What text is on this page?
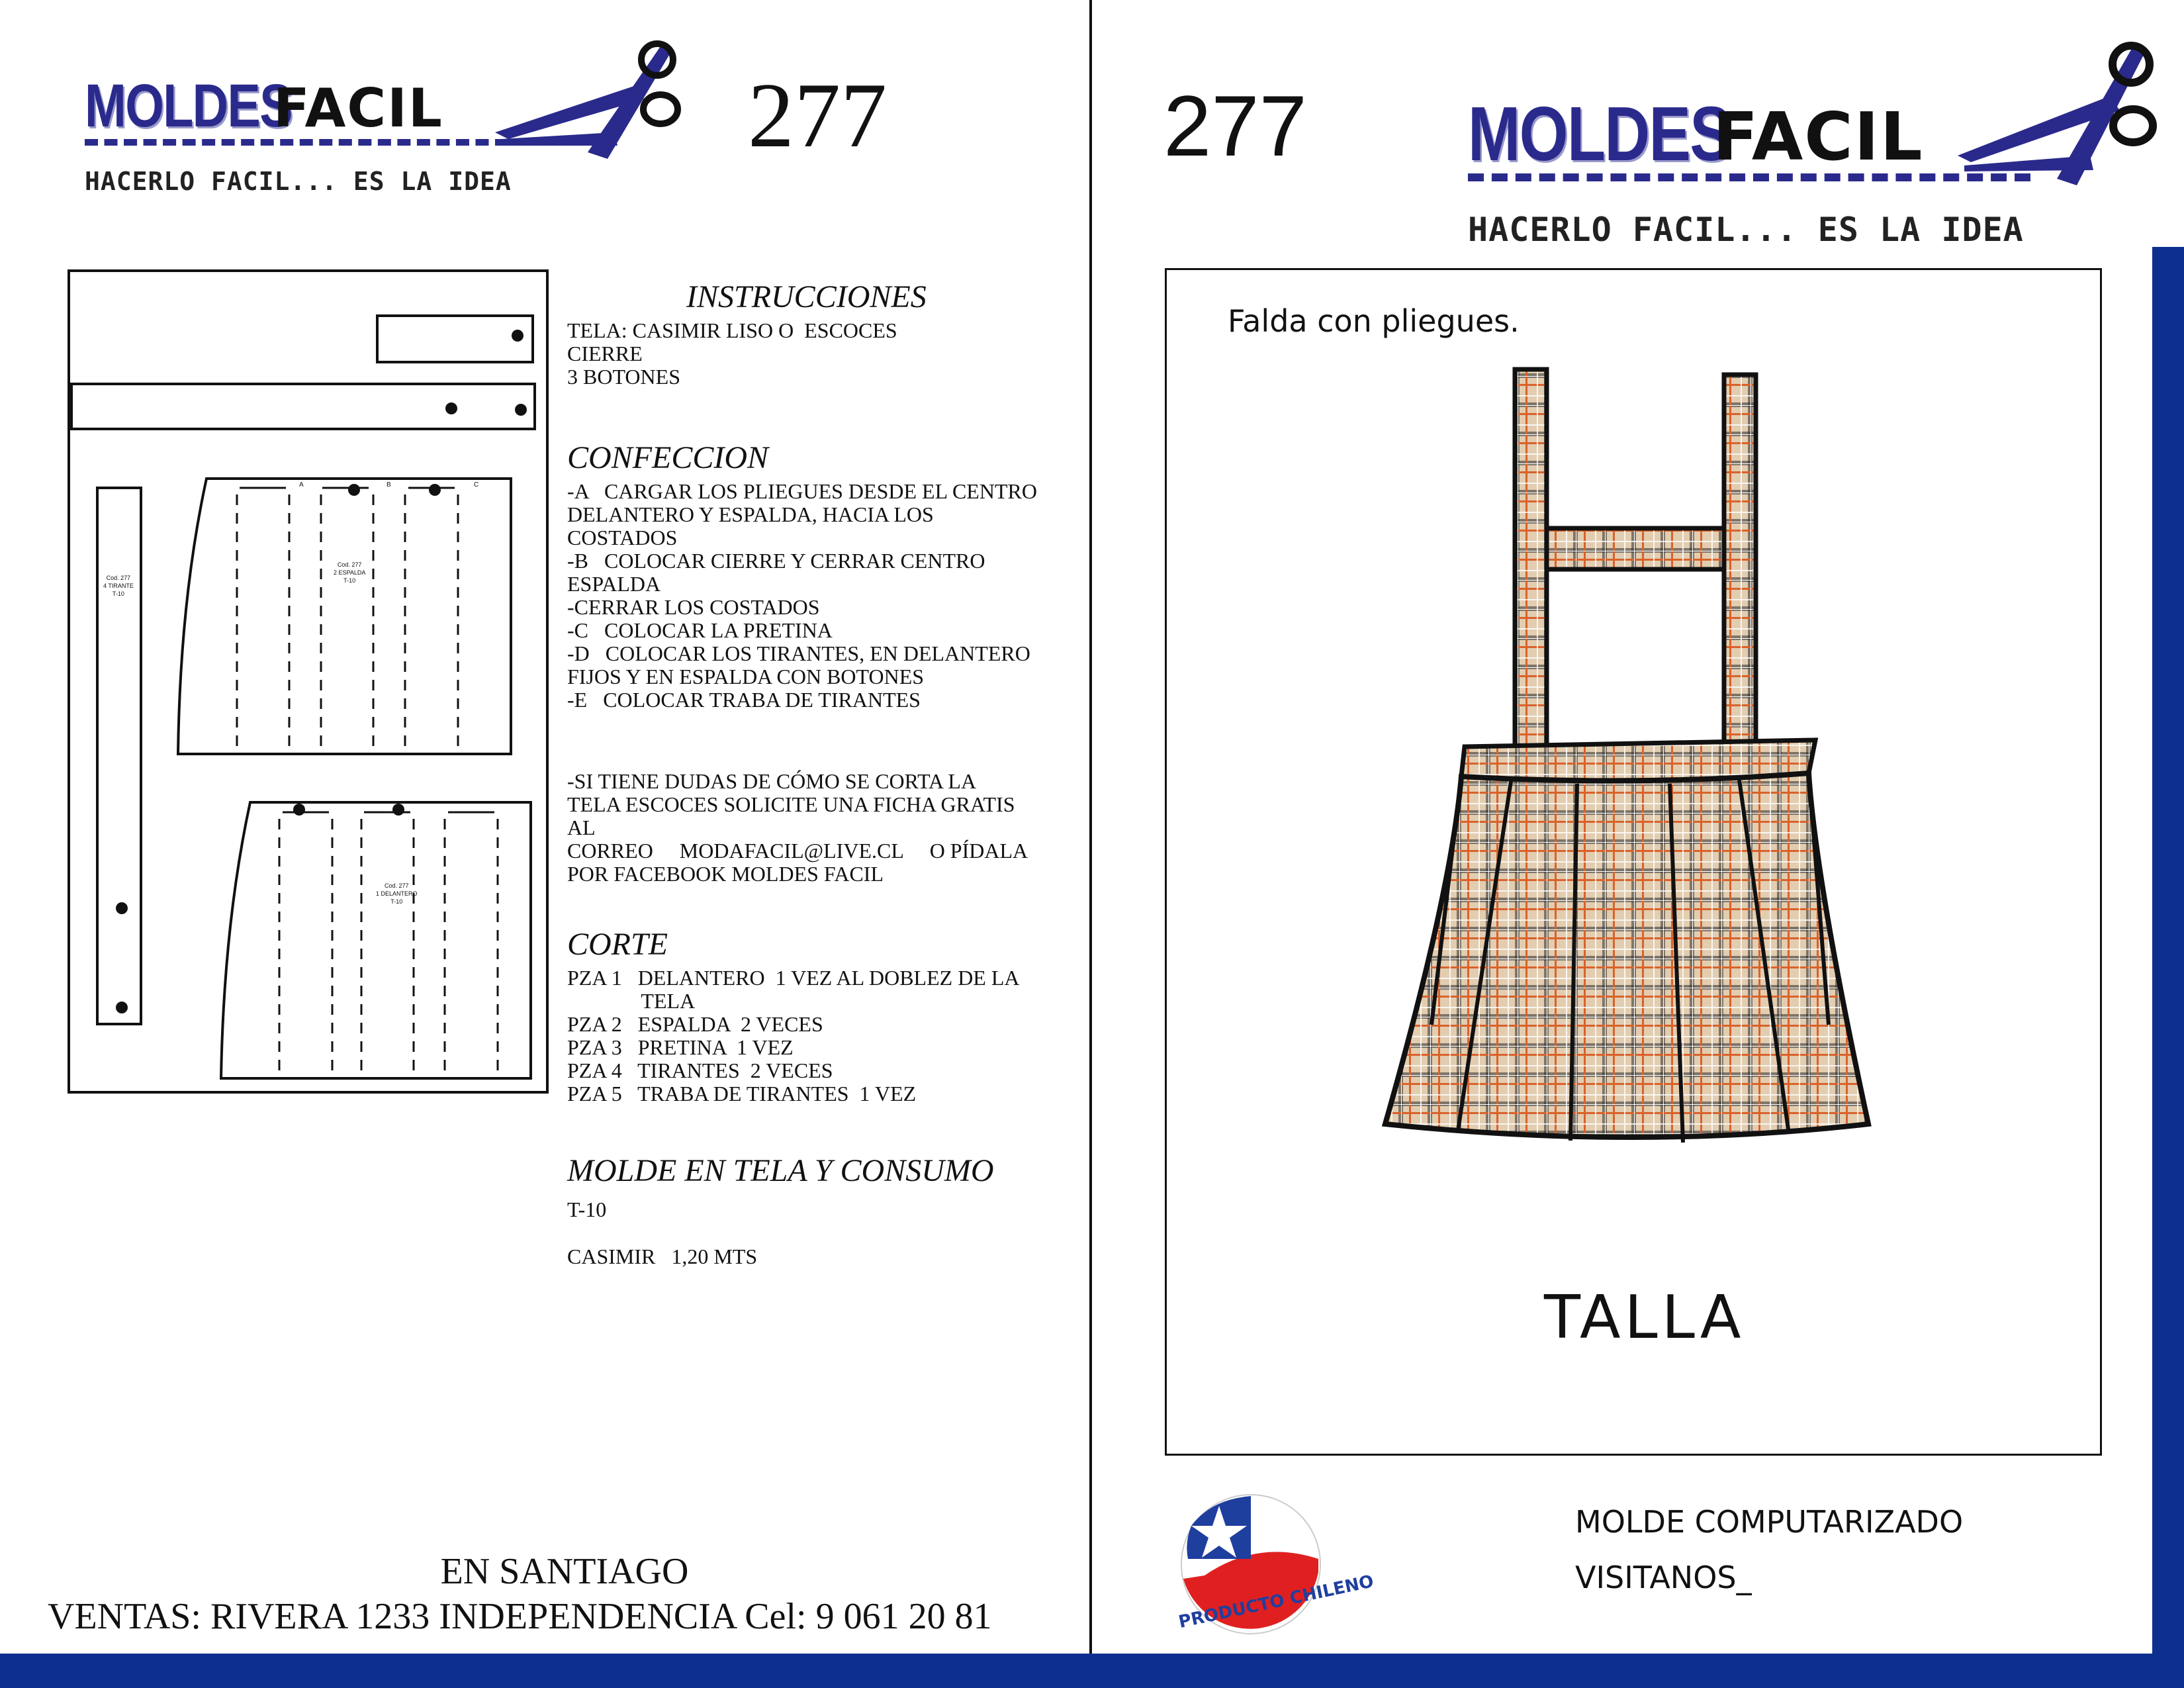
MOLDES
FACIL
HACERLO FACIL... ES LA IDEA
277
Cod. 277
2 ESPALDA
T-10
Cod. 277
1 DELANTERO
T-10
Cod. 277
4 TIRANTE
T-10
A	B	C

INSTRUCCIONES

TELA: CASIMIR LISO O  ESCOCES

CIERRE

3 BOTONES

CONFECCION

-A   CARGAR LOS PLIEGUES DESDE EL CENTRO

DELANTERO Y ESPALDA, HACIA LOS

COSTADOS

-B   COLOCAR CIERRE Y CERRAR CENTRO

ESPALDA

-CERRAR LOS COSTADOS

-C   COLOCAR LA PRETINA

-D   COLOCAR LOS TIRANTES, EN DELANTERO

FIJOS Y EN ESPALDA CON BOTONES

-E   COLOCAR TRABA DE TIRANTES

-SI TIENE DUDAS DE CÓMO SE CORTA LA

TELA ESCOCES SOLICITE UNA FICHA GRATIS

AL

CORREO     MODAFACIL@LIVE.CL     O PÍDALA

POR FACEBOOK MOLDES FACIL

CORTE

PZA 1   DELANTERO  1 VEZ AL DOBLEZ DE LA

TELA

PZA 2   ESPALDA  2 VECES

PZA 3   PRETINA  1 VEZ

PZA 4   TIRANTES  2 VECES

PZA 5   TRABA DE TIRANTES  1 VEZ

MOLDE EN TELA Y CONSUMO

T-10

CASIMIR   1,20 MTS

EN SANTIAGO
VENTAS: RIVERA 1233 INDEPENDENCIA Cel: 9 061 20 81
277 MOLDES
FACIL
HACERLO FACIL... ES LA IDEA
Falda con pliegues.
TALLA
PRODUCTO CHILENO
MOLDE COMPUTARIZADO
VISITANOS_
